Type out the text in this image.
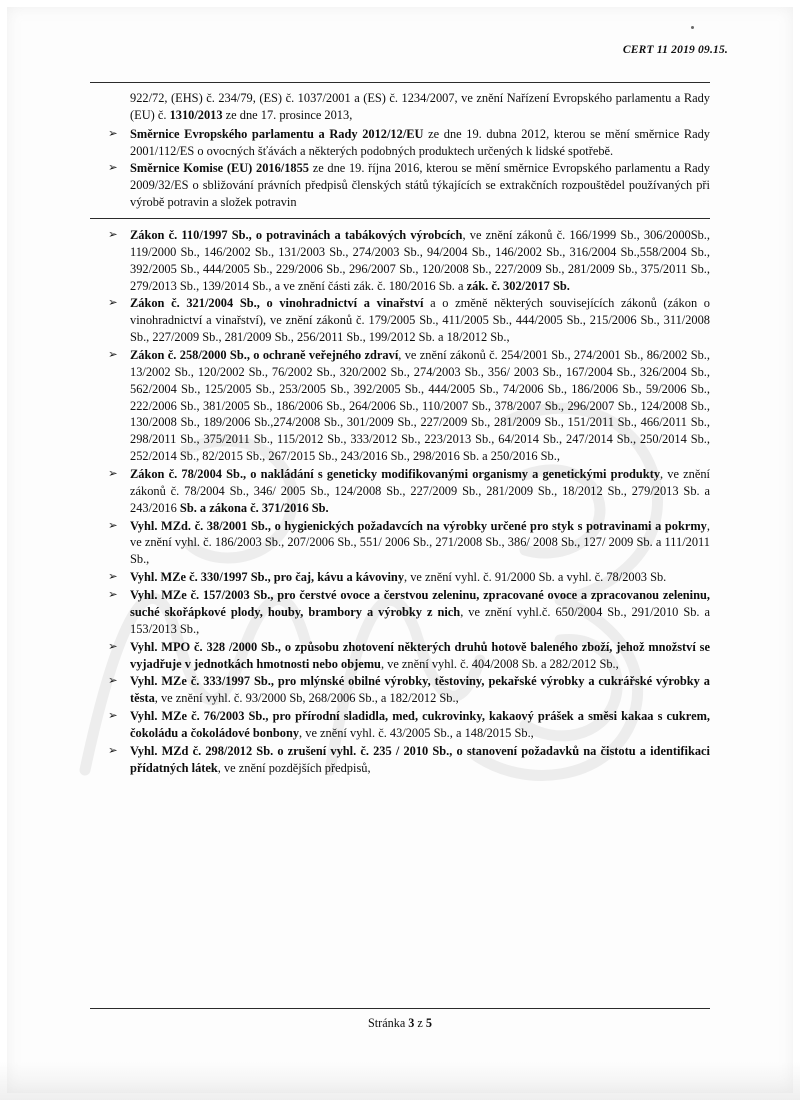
CERT 11 2019 09.15.

922/72, (EHS) č. 234/79, (ES) č. 1037/2001 a (ES) č. 1234/2007, ve znění Nařízení Evropského parlamentu a Rady (EU) č. 1310/2013 ze dne 17. prosince 2013,

➢ Směrnice Evropského parlamentu a Rady 2012/12/EU ze dne 19. dubna 2012, kterou se mění směrnice Rady 2001/112/ES o ovocných šťávách a některých podobných produktech určených k lidské spotřebě.
➢ Směrnice Komise (EU) 2016/1855 ze dne 19. října 2016, kterou se mění směrnice Evropského parlamentu a Rady 2009/32/ES o sbližování právních předpisů členských států týkajících se extrakčních rozpouštědel používaných při výrobě potravin a složek potravin
➢ Zákon č. 110/1997 Sb., o potravinách a tabákových výrobcích, ve znění zákonů č. 166/1999 Sb., 306/2000Sb., 119/2000 Sb., 146/2002 Sb., 131/2003 Sb., 274/2003 Sb., 94/2004 Sb., 146/2002 Sb., 316/2004 Sb.,558/2004 Sb., 392/2005 Sb., 444/2005 Sb., 229/2006 Sb., 296/2007 Sb., 120/2008 Sb., 227/2009 Sb., 281/2009 Sb., 375/2011 Sb., 279/2013 Sb., 139/2014 Sb., a ve znění části zák. č. 180/2016 Sb. a zák. č. 302/2017 Sb.
➢ Zákon č. 321/2004 Sb., o vinohradnictví a vinařství a o změně některých souvisejících zákonů (zákon o vinohradnictví a vinařství), ve znění zákonů č. 179/2005 Sb., 411/2005 Sb., 444/2005 Sb., 215/2006 Sb., 311/2008 Sb., 227/2009 Sb., 281/2009 Sb., 256/2011 Sb., 199/2012 Sb. a 18/2012 Sb.,
➢ Zákon č. 258/2000 Sb., o ochraně veřejného zdraví, ve znění zákonů č. 254/2001 Sb., 274/2001 Sb., 86/2002 Sb., 13/2002 Sb., 120/2002 Sb., 76/2002 Sb., 320/2002 Sb., 274/2003 Sb., 356/ 2003 Sb., 167/2004 Sb., 326/2004 Sb., 562/2004 Sb., 125/2005 Sb., 253/2005 Sb., 392/2005 Sb., 444/2005 Sb., 74/2006 Sb., 186/2006 Sb., 59/2006 Sb., 222/2006 Sb., 381/2005 Sb., 186/2006 Sb., 264/2006 Sb., 110/2007 Sb., 378/2007 Sb., 296/2007 Sb., 124/2008 Sb., 130/2008 Sb., 189/2006 Sb.,274/2008 Sb., 301/2009 Sb., 227/2009 Sb., 281/2009 Sb., 151/2011 Sb., 466/2011 Sb., 298/2011 Sb., 375/2011 Sb., 115/2012 Sb., 333/2012 Sb., 223/2013 Sb., 64/2014 Sb., 247/2014 Sb., 250/2014 Sb., 252/2014 Sb., 82/2015 Sb., 267/2015 Sb., 243/2016 Sb., 298/2016 Sb. a 250/2016 Sb.,
➢ Zákon č. 78/2004 Sb., o nakládání s geneticky modifikovanými organismy a genetickými produkty, ve znění zákonů č. 78/2004 Sb., 346/ 2005 Sb., 124/2008 Sb., 227/2009 Sb., 281/2009 Sb., 18/2012 Sb., 279/2013 Sb. a 243/2016 Sb. a zákona č. 371/2016 Sb.
➢ Vyhl. MZd. č. 38/2001 Sb., o hygienických požadavcích na výrobky určené pro styk s potravinami a pokrmy, ve znění vyhl. č. 186/2003 Sb., 207/2006 Sb., 551/ 2006 Sb., 271/2008 Sb., 386/ 2008 Sb., 127/ 2009 Sb. a 111/2011 Sb.,
➢ Vyhl. MZe č. 330/1997 Sb., pro čaj, kávu a kávoviny, ve znění vyhl. č. 91/2000 Sb. a vyhl. č. 78/2003 Sb.
➢ Vyhl. MZe č. 157/2003 Sb., pro čerstvé ovoce a čerstvou zeleninu, zpracované ovoce a zpracovanou zeleninu, suché skořápkové plody, houby, brambory a výrobky z nich, ve znění vyhl.č. 650/2004 Sb., 291/2010 Sb. a 153/2013 Sb.,
➢ Vyhl. MPO č. 328 /2000 Sb., o způsobu zhotovení některých druhů hotově baleného zboží, jehož množství se vyjadřuje v jednotkách hmotnosti nebo objemu, ve znění vyhl. č. 404/2008 Sb. a 282/2012 Sb.,
➢ Vyhl. MZe č. 333/1997 Sb., pro mlýnské obilné výrobky, těstoviny, pekařské výrobky a cukrářské výrobky a těsta, ve znění vyhl. č. 93/2000 Sb, 268/2006 Sb., a 182/2012 Sb.,
➢ Vyhl. MZe č. 76/2003 Sb., pro přírodní sladidla, med, cukrovinky, kakaový prášek a směsi kakaa s cukrem, čokoládu a čokoládové bonbony, ve znění vyhl. č. 43/2005 Sb., a 148/2015 Sb.,
➢ Vyhl. MZd č. 298/2012 Sb. o zrušení vyhl. č. 235 / 2010 Sb., o stanovení požadavků na čistotu a identifikaci přídatných látek, ve znění pozdějších předpisů,
Stránka 3 z 5
